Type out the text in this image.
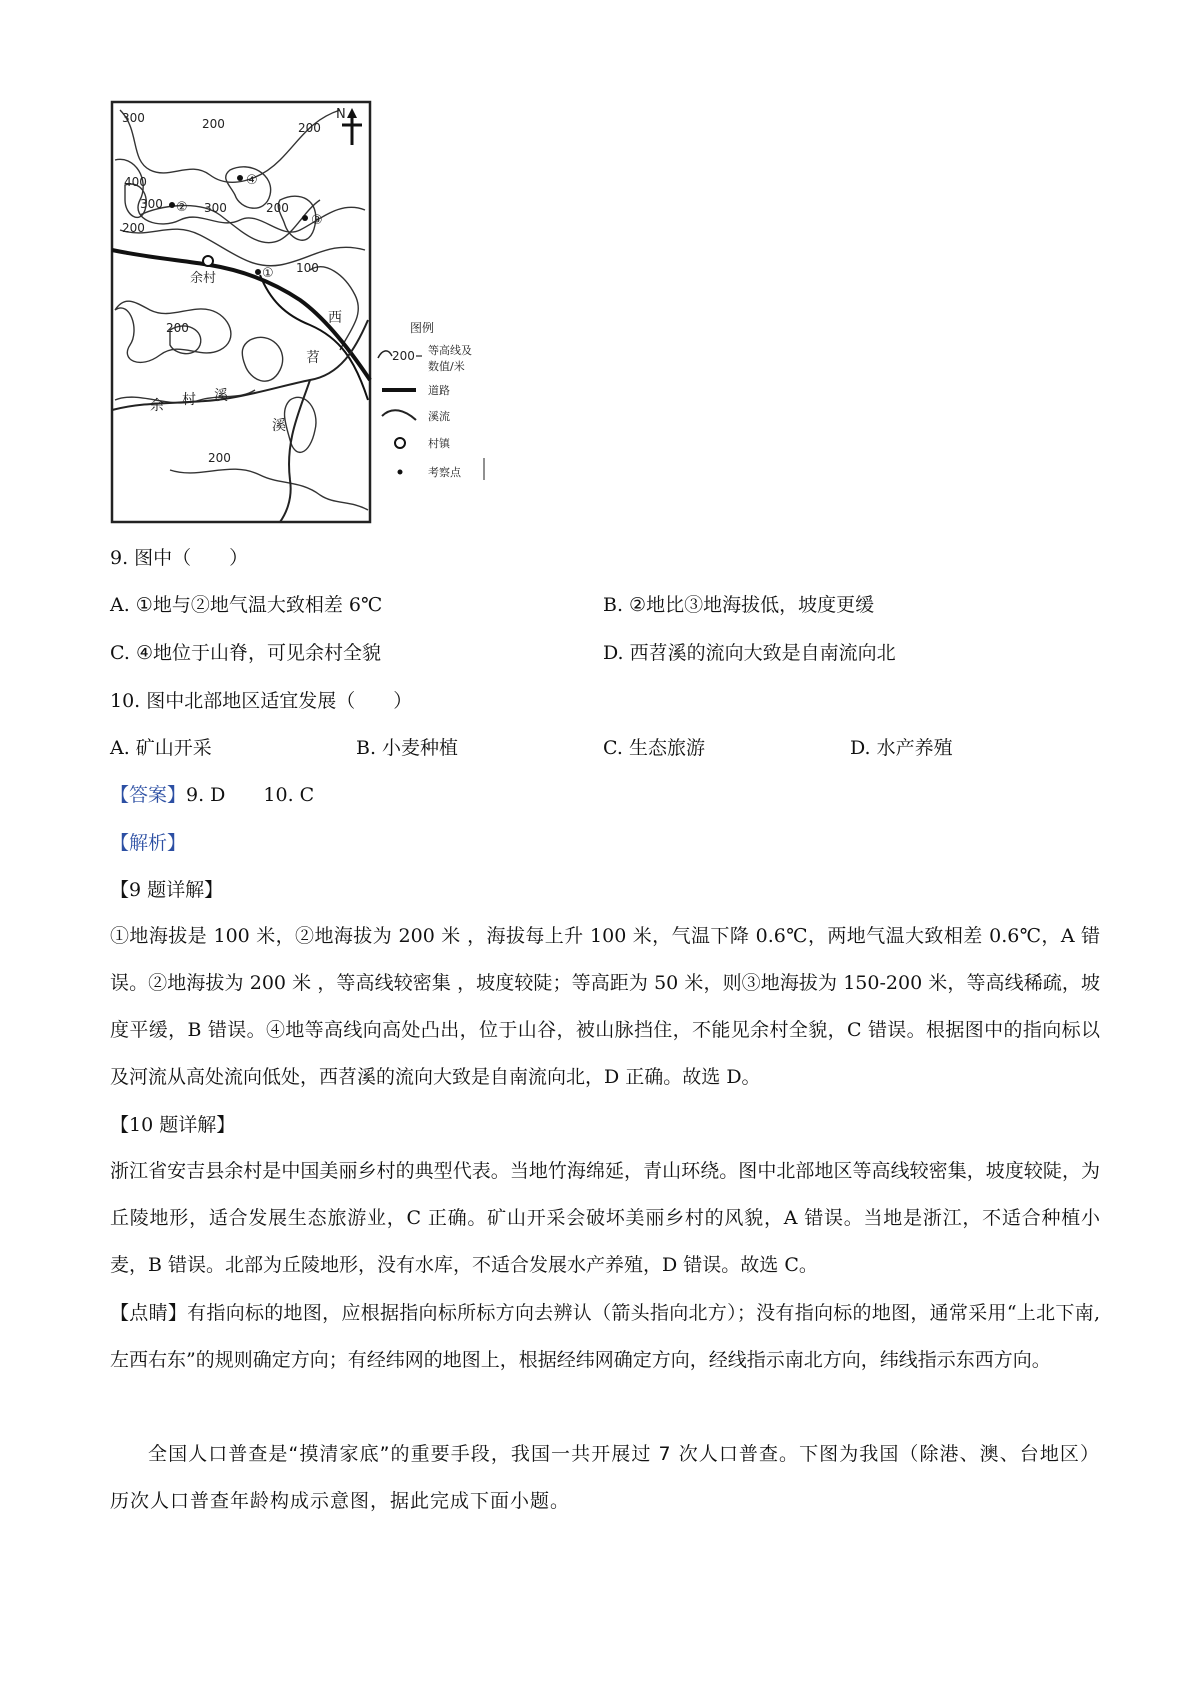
N
300	200	200
400
300	300	200
200
100
200
200
④
②
③
①
余村
西
苕
溪
余 村 溪
图例
200 等高线及
数值/米
道路
溪流
村镇
考察点
9. 图中（　　）
A. ①地与②地气温大致相差 6℃	B. ②地比③地海拔低，坡度更缓
C. ④地位于山脊，可见余村全貌	D. 西苕溪的流向大致是自南流向北
10. 图中北部地区适宜发展（　　）
A. 矿山开采	B. 小麦种植	C. 生态旅游	D. 水产养殖
【答案】9. D　　10. C
【解析】
【9 题详解】
①地海拔是 100 米，②地海拔为 200 米 ，海拔每上升 100 米，气温下降 0.6℃，两地气温大致相差 0.6℃，A 错误。②地海拔为 200 米 ，等高线较密集 ，坡度较陡；等高距为 50 米，则③地海拔为 150-200 米，等高线稀疏，坡度平缓，B 错误。④地等高线向高处凸出，位于山谷，被山脉挡住，不能见余村全貌，C 错误。根据图中的指向标以及河流从高处流向低处，西苕溪的流向大致是自南流向北，D 正确。故选 D。
【10 题详解】
浙江省安吉县余村是中国美丽乡村的典型代表。当地竹海绵延，青山环绕。图中北部地区等高线较密集，坡度较陡，为丘陵地形，适合发展生态旅游业，C 正确。矿山开采会破坏美丽乡村的风貌，A 错误。当地是浙江，不适合种植小麦，B 错误。北部为丘陵地形，没有水库，不适合发展水产养殖，D 错误。故选 C。
【点睛】有指向标的地图，应根据指向标所标方向去辨认（箭头指向北方）；没有指向标的地图，通常采用“上北下南,左西右东”的规则确定方向；有经纬网的地图上，根据经纬网确定方向，经线指示南北方向，纬线指示东西方向。
全国人口普查是“摸清家底”的重要手段，我国一共开展过 7 次人口普查。下图为我国（除港、澳、台地区）历次人口普查年龄构成示意图，据此完成下面小题。
